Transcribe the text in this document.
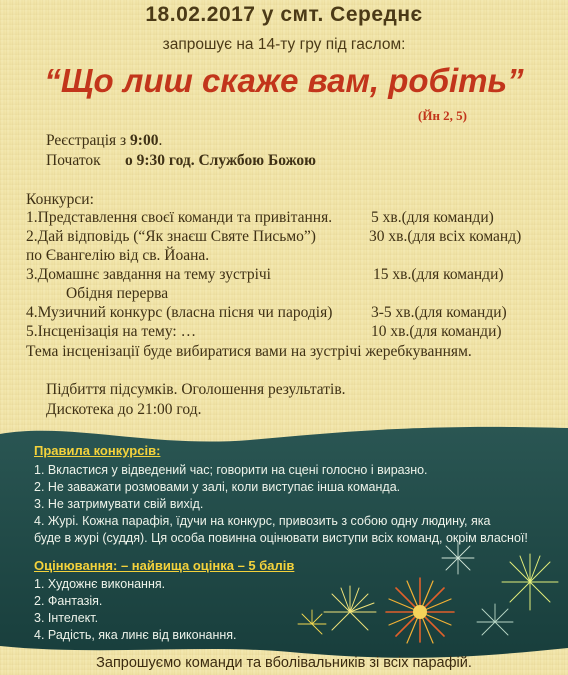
18.02.2017 у смт. Середнє
запрошує на 14-ту гру під гаслом:
“Що лиш скаже вам, робіть”
(Йн 2, 5)
Реєстрація з 9:00.
Початок о 9:30 год. Службою Божою
Конкурси:
1.Представлення своєї команди та привітання.	5 хв.(для команди)
2.Дай відповідь (“Як знаєш Святе Письмо”)	30 хв.(для всіх команд)
по Євангелію від св. Йоана.
3.Домашнє завдання на тему зустрічі	15 хв.(для команди)
Обідня перерва
4.Музичний конкурс (власна пісня чи пародія) 3-5 хв.(для команди)
5.Інсценізація на тему: …	10 хв.(для команди)
Тема інсценізації буде вибиратися вами на зустрічі жеребкуванням.
Підбиття підсумків. Оголошення результатів.
Дискотека до 21:00 год.
Правила конкурсів:
1. Вкластися у відведений час; говорити на сцені голосно і виразно.
2. Не заважати розмовами у залі, коли виступає інша команда.
3. Не затримувати свій вихід.
4. Журі. Кожна парафія, їдучи на конкурс, привозить з собою одну людину, яка
буде в журі (суддя). Ця особа повинна оцінювати виступи всіх команд, окрім власної!
Оцінювання: – найвища оцінка – 5 балів
1. Художнє виконання.
2. Фантазія.
3. Інтелект.
4. Радість, яка линє від виконання.
Запрошуємо команди та вболівальників зі всіх парафій.
